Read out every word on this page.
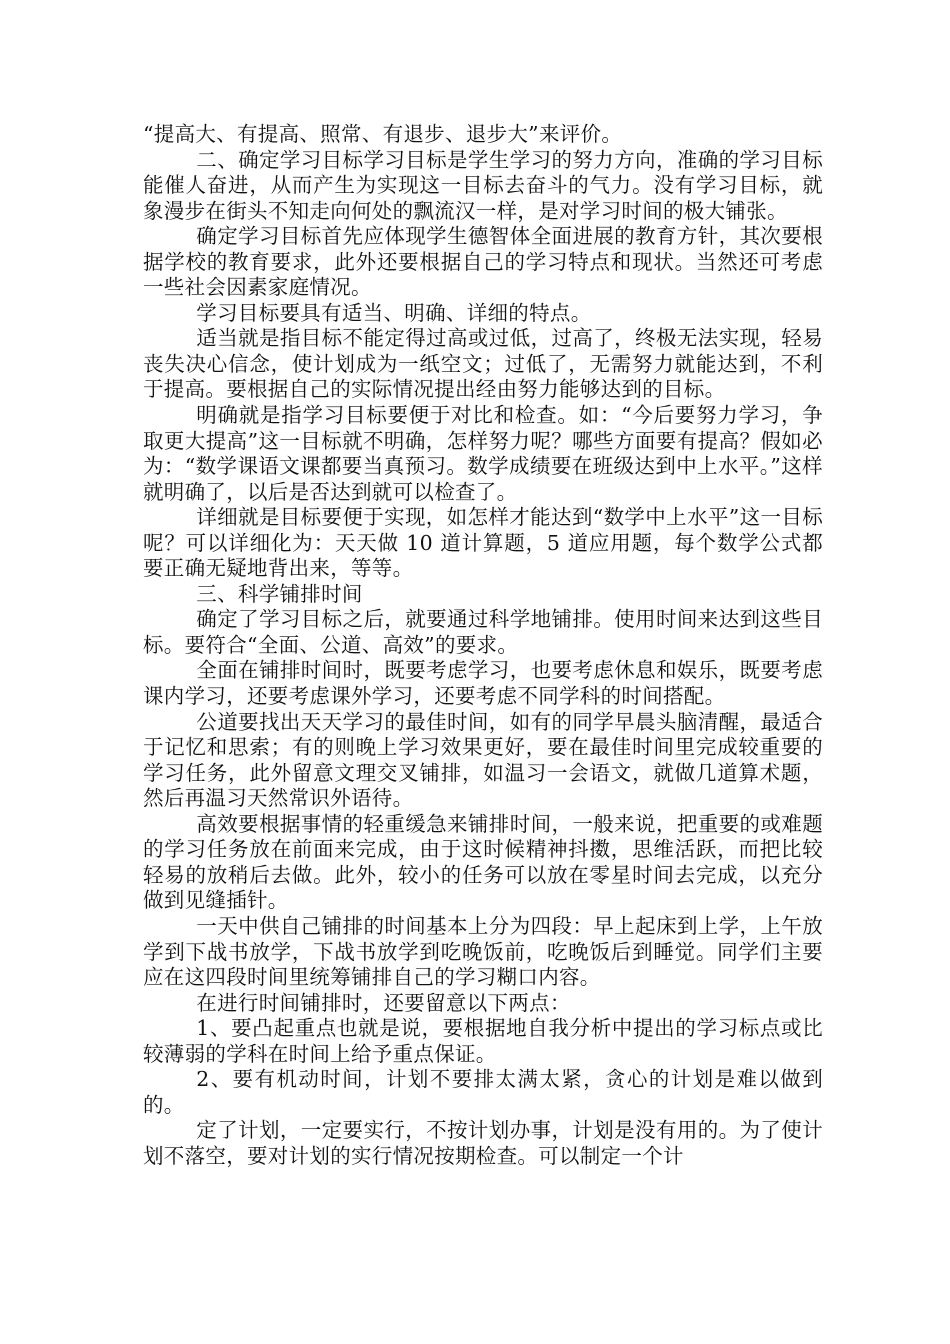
“提高大、有提高、照常、有退步、退步大”来评价。

二、确定学习目标学习目标是学生学习的努力方向，准确的学习目标能催人奋进，从而产生为实现这一目标去奋斗的气力。没有学习目标，就象漫步在街头不知走向何处的飘流汉一样，是对学习时间的极大铺张。

确定学习目标首先应体现学生德智体全面进展的教育方针，其次要根据学校的教育要求，此外还要根据自己的学习特点和现状。当然还可考虑一些社会因素家庭情况。

学习目标要具有适当、明确、详细的特点。

适当就是指目标不能定得过高或过低，过高了，终极无法实现，轻易丧失决心信念，使计划成为一纸空文；过低了，无需努力就能达到，不利于提高。要根据自己的实际情况提出经由努力能够达到的目标。

明确就是指学习目标要便于对比和检查。如：“今后要努力学习，争取更大提高”这一目标就不明确，怎样努力呢？哪些方面要有提高？假如必为：“数学课语文课都要当真预习。数学成绩要在班级达到中上水平。”这样就明确了，以后是否达到就可以检查了。

详细就是目标要便于实现，如怎样才能达到“数学中上水平”这一目标呢？可以详细化为：天天做 10 道计算题，5 道应用题，每个数学公式都要正确无疑地背出来，等等。

三、科学铺排时间

确定了学习目标之后，就要通过科学地铺排。使用时间来达到这些目标。要符合“全面、公道、高效”的要求。

全面在铺排时间时，既要考虑学习，也要考虑休息和娱乐，既要考虑课内学习，还要考虑课外学习，还要考虑不同学科的时间搭配。

公道要找出天天学习的最佳时间，如有的同学早晨头脑清醒，最适合于记忆和思索；有的则晚上学习效果更好，要在最佳时间里完成较重要的学习任务，此外留意文理交叉铺排，如温习一会语文，就做几道算术题，然后再温习天然常识外语待。

高效要根据事情的轻重缓急来铺排时间，一般来说，把重要的或难题的学习任务放在前面来完成，由于这时候精神抖擞，思维活跃，而把比较轻易的放稍后去做。此外，较小的任务可以放在零星时间去完成，以充分做到见缝插针。

一天中供自己铺排的时间基本上分为四段：早上起床到上学，上午放学到下战书放学，下战书放学到吃晚饭前，吃晚饭后到睡觉。同学们主要应在这四段时间里统筹铺排自己的学习糊口内容。

在进行时间铺排时，还要留意以下两点：

1、要凸起重点也就是说，要根据地自我分析中提出的学习标点或比较薄弱的学科在时间上给予重点保证。

2、要有机动时间，计划不要排太满太紧，贪心的计划是难以做到的。

定了计划，一定要实行，不按计划办事，计划是没有用的。为了使计划不落空，要对计划的实行情况按期检查。可以制定一个计
